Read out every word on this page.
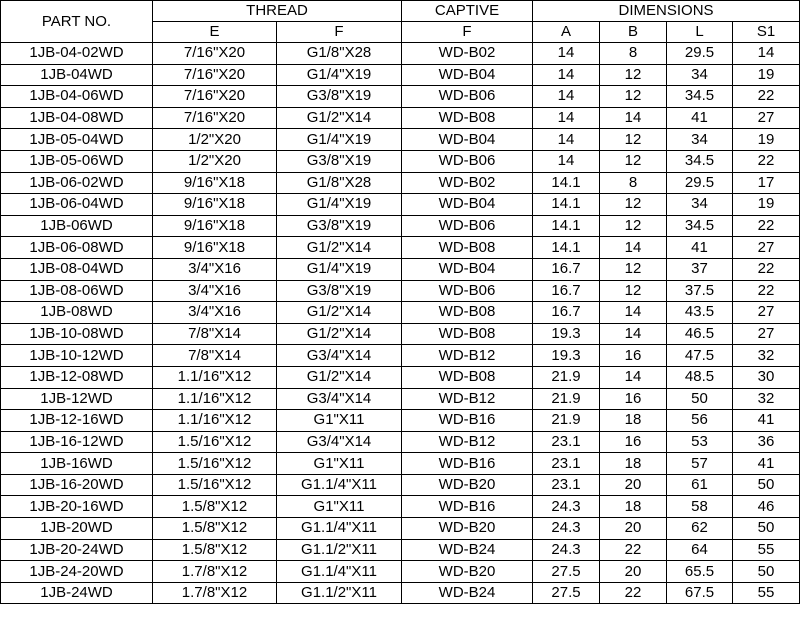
PART NO.	THREAD		CAPTIVE	DIMENSIONS			
	E	F	F	A	B	L	S1
1JB-04-02WD	7/16"X20	G1/8"X28	WD-B02	14	8	29.5	14
1JB-04WD	7/16"X20	G1/4"X19	WD-B04	14	12	34	19
1JB-04-06WD	7/16"X20	G3/8"X19	WD-B06	14	12	34.5	22
1JB-04-08WD	7/16"X20	G1/2"X14	WD-B08	14	14	41	27
1JB-05-04WD	1/2"X20	G1/4"X19	WD-B04	14	12	34	19
1JB-05-06WD	1/2"X20	G3/8"X19	WD-B06	14	12	34.5	22
1JB-06-02WD	9/16"X18	G1/8"X28	WD-B02	14.1	8	29.5	17
1JB-06-04WD	9/16"X18	G1/4"X19	WD-B04	14.1	12	34	19
1JB-06WD	9/16"X18	G3/8"X19	WD-B06	14.1	12	34.5	22
1JB-06-08WD	9/16"X18	G1/2"X14	WD-B08	14.1	14	41	27
1JB-08-04WD	3/4"X16	G1/4"X19	WD-B04	16.7	12	37	22
1JB-08-06WD	3/4"X16	G3/8"X19	WD-B06	16.7	12	37.5	22
1JB-08WD	3/4"X16	G1/2"X14	WD-B08	16.7	14	43.5	27
1JB-10-08WD	7/8"X14	G1/2"X14	WD-B08	19.3	14	46.5	27
1JB-10-12WD	7/8"X14	G3/4"X14	WD-B12	19.3	16	47.5	32
1JB-12-08WD	1.1/16"X12	G1/2"X14	WD-B08	21.9	14	48.5	30
1JB-12WD	1.1/16"X12	G3/4"X14	WD-B12	21.9	16	50	32
1JB-12-16WD	1.1/16"X12	G1"X11	WD-B16	21.9	18	56	41
1JB-16-12WD	1.5/16"X12	G3/4"X14	WD-B12	23.1	16	53	36
1JB-16WD	1.5/16"X12	G1"X11	WD-B16	23.1	18	57	41
1JB-16-20WD	1.5/16"X12	G1.1/4"X11	WD-B20	23.1	20	61	50
1JB-20-16WD	1.5/8"X12	G1"X11	WD-B16	24.3	18	58	46
1JB-20WD	1.5/8"X12	G1.1/4"X11	WD-B20	24.3	20	62	50
1JB-20-24WD	1.5/8"X12	G1.1/2"X11	WD-B24	24.3	22	64	55
1JB-24-20WD	1.7/8"X12	G1.1/4"X11	WD-B20	27.5	20	65.5	50
1JB-24WD	1.7/8"X12	G1.1/2"X11	WD-B24	27.5	22	67.5	55
